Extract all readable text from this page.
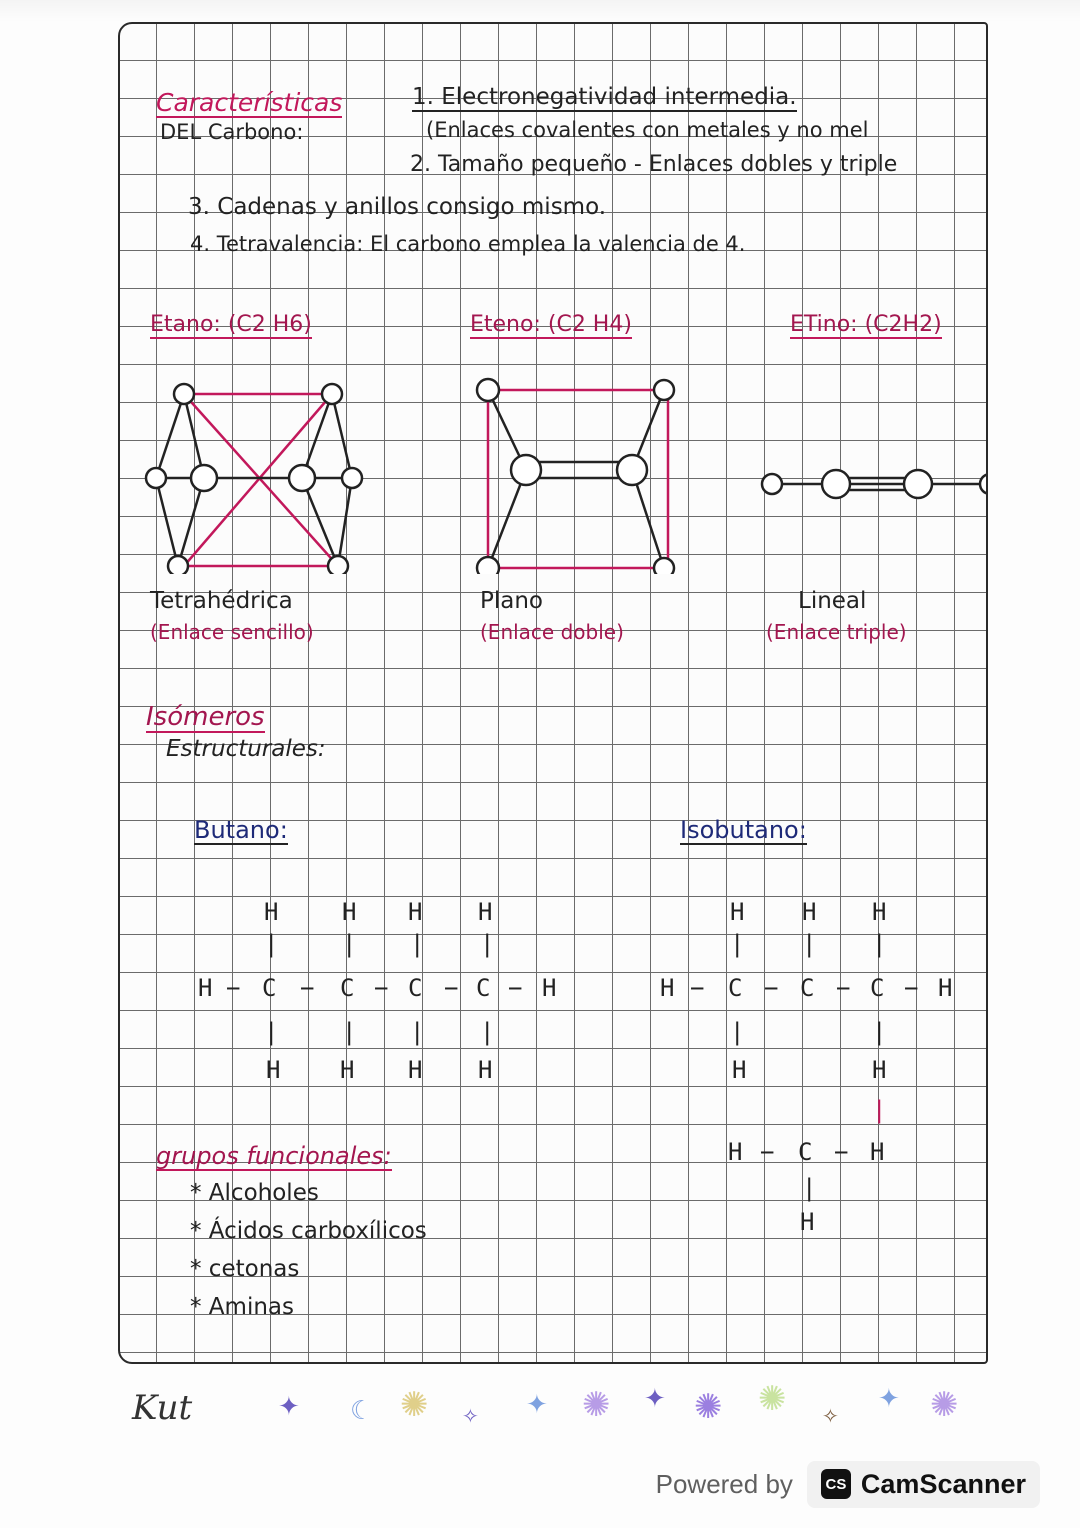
Características
DEL Carbono:
1. Electronegatividad intermedia.
(Enlaces covalentes con metales y no mel
2. Tamaño pequeño - Enlaces dobles y triple
3. Cadenas y anillos consigo mismo.
4. Tetravalencia: El carbono emplea la valencia de 4.
Etano: (C2 H6)	Eteno: (C2 H4)	ETino: (C2H2)
Tetrahédrica
(Enlace sencillo)
Plano
(Enlace doble)
Lineal
(Enlace triple)
Isómeros
Estructurales:
Butano:	Isobutano:
H	H H H
|	| | |
H − C − C − C − C − H
|	| | |
H H H H
H H H
| | |
H − C − C − C − H
|	|
H	H
|
H − C − H
|
H
grupos funcionales:
* Alcoholes
* Ácidos carboxílicos
* cetonas
* Aminas
Kut	✦ ☾ ✺ ✧ ✦ ✺ ✦ ✺ ✺ ✧
✦ ✺
Powered by	CS CamScanner
